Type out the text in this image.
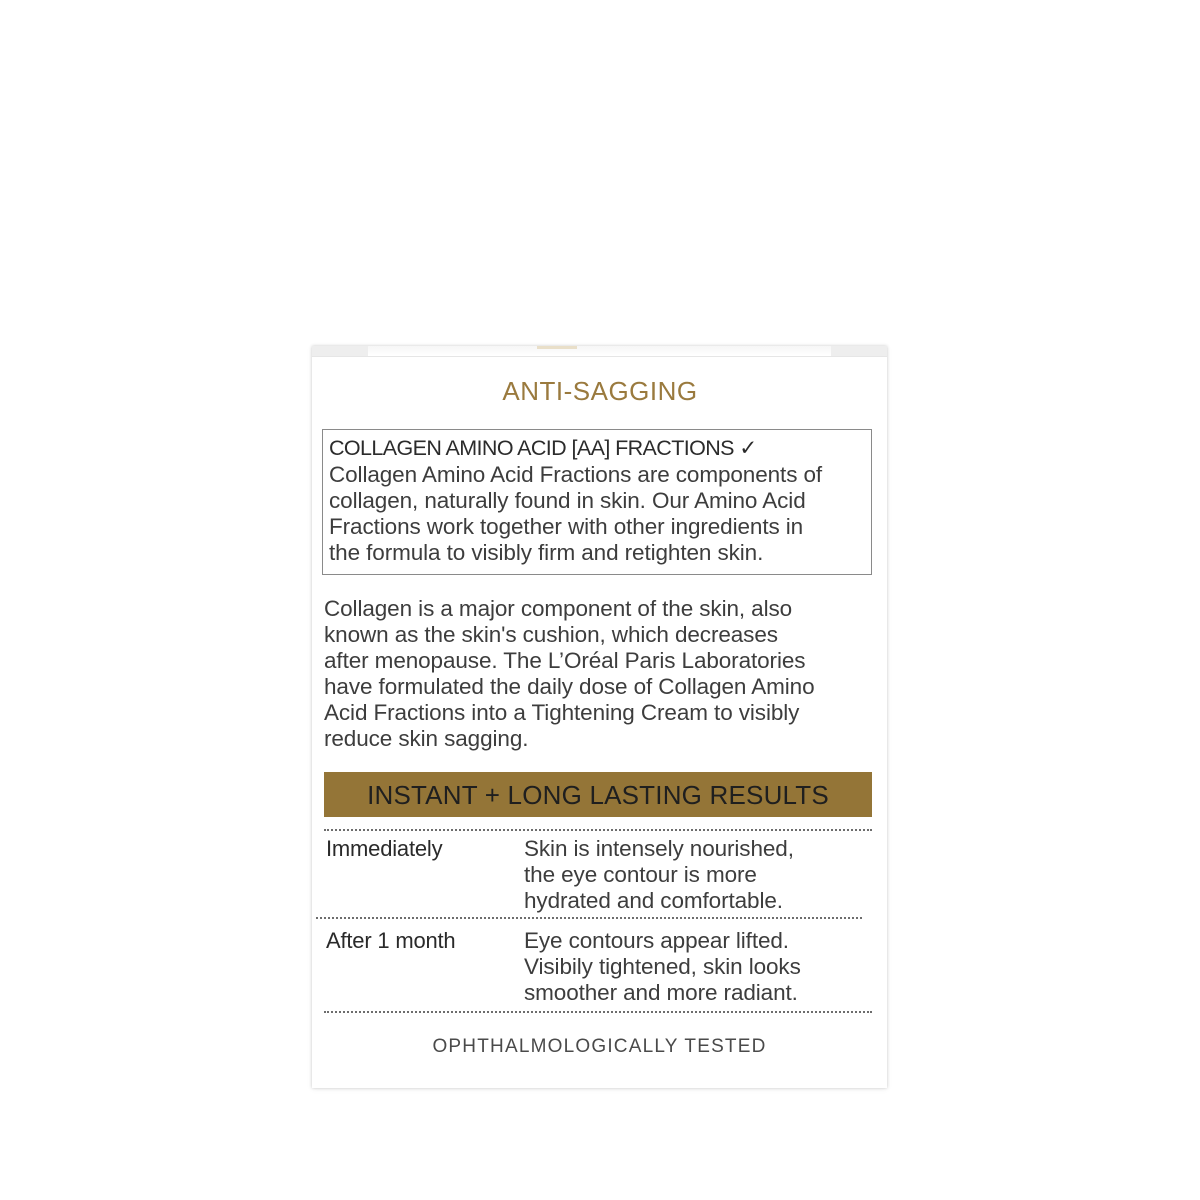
ANTI-SAGGING
COLLAGEN AMINO ACID [AA] FRACTIONS ✓
Collagen Amino Acid Fractions are components of
collagen, naturally found in skin. Our Amino Acid
Fractions work together with other ingredients in
the formula to visibly firm and retighten skin.
Collagen is a major component of the skin, also
known as the skin's cushion, which decreases
after menopause. The L’Oréal Paris Laboratories
have formulated the daily dose of Collagen Amino
Acid Fractions into a Tightening Cream to visibly
reduce skin sagging.
INSTANT + LONG LASTING RESULTS
Immediately	Skin is intensely nourished,
the eye contour is more
hydrated and comfortable.
After 1 month	Eye contours appear lifted.
Visibily tightened, skin looks
smoother and more radiant.
OPHTHALMOLOGICALLY TESTED
